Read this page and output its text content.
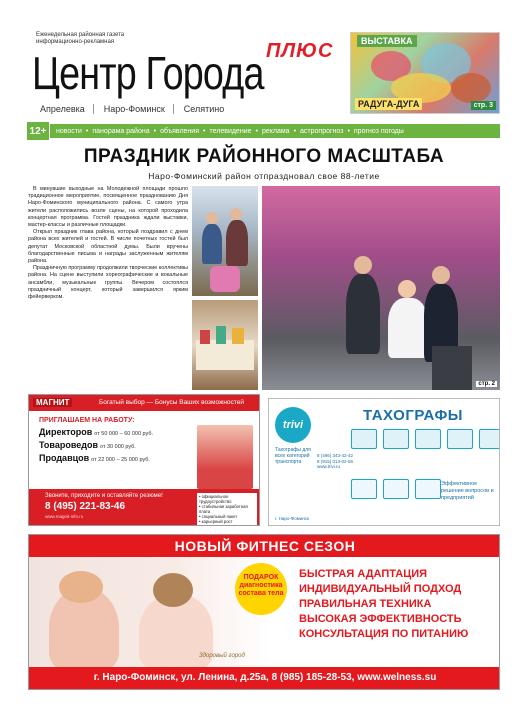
Еженедельная районная газета
информационно-рекламная
Центр Города ПЛЮС
Апрелевка	Наро-Фоминск	Селятино
ВЫСТАВКА
РАДУГА-ДУГА	стр. 3
12+	новости • панорама района • объявления • телевидение • реклама • астропрогноз • прогноз погоды
ПРАЗДНИК РАЙОННОГО МАСШТАБА
Наро-Фоминский район отпраздновал свое 88-летие

В минувшие выходные на Молодежной площади прошло традиционное мероприятие, посвященное празднованию Дня Наро-Фоминского муниципального района. С самого утра жители расположились возле сцены, на которой проходила концертная программа. Гостей праздника ждали выставки, мастер-классы и различные площадки.

Открыл праздник глава района, который поздравил с днем района всех жителей и гостей. В числе почетных гостей был депутат Московской областной думы. Были вручены благодарственные письма и награды заслуженным жителям района.

Праздничную программу продолжили творческие коллективы района. На сцене выступили хореографические и вокальные ансамбли, музыкальные группы. Вечером состоялся праздничный концерт, который завершился ярким фейерверком.

стр. 2
МАГНИТ	Богатый выбор — Бонусы Ваших возможностей
ПРИГЛАШАЕМ НА РАБОТУ:
Директоров от 50 000 – 60 000 руб.
Товароведов от 30 000 руб.
Продавцов от 22 000 – 25 000 руб.
Звоните, приходите и оставляйте резюме!
8 (495) 221-83-46
www.magnit-info.ru
• официальное трудоустройство
• стабильная заработная плата
• социальный пакет
• карьерный рост
trivi
ТАХОГРАФЫ
Тахографы для всех категорий транспорта
8 (496) 343-42-42
8 (915) 013-02-56
www.trivi.ru
Эффективное решение вопросов и предприятий
г. Наро-Фоминск
НОВЫЙ ФИТНЕС СЕЗОН
ПОДАРОК диагностика состава тела
БЫСТРАЯ АДАПТАЦИЯ
ИНДИВИДУАЛЬНЫЙ ПОДХОД
ПРАВИЛЬНАЯ ТЕХНИКА
ВЫСОКАЯ ЭФФЕКТИВНОСТЬ
КОНСУЛЬТАЦИЯ ПО ПИТАНИЮ
Здоровый город
г. Наро-Фоминск, ул. Ленина, д.25а, 8 (985) 185-28-53, www.welness.su
